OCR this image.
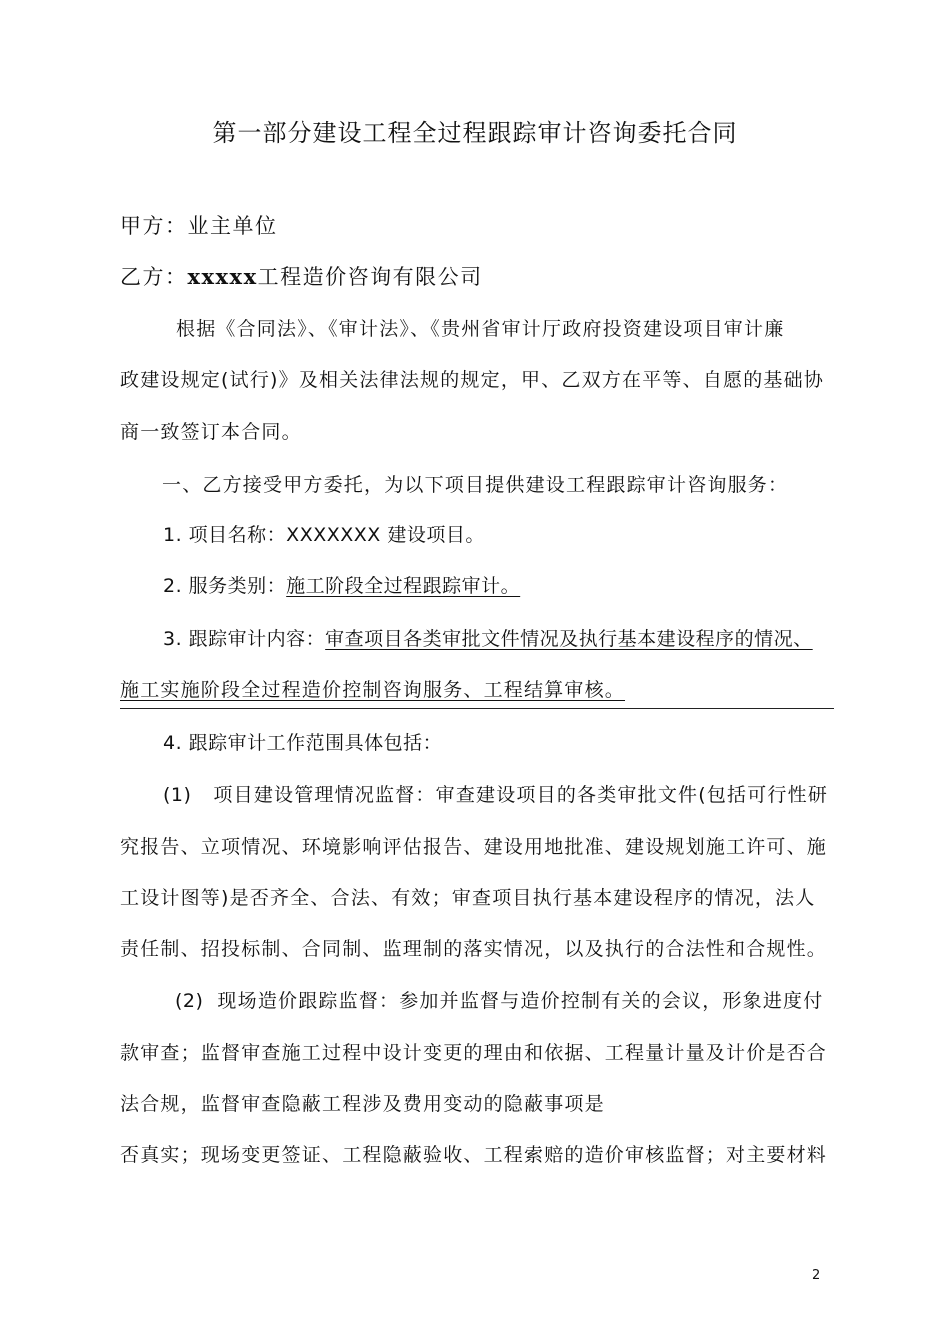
第一部分建设工程全过程跟踪审计咨询委托合同
甲方：业主单位
乙方：xxxxx工程造价咨询有限公司
根据《合同法》、《审计法》、《贵州省审计厅政府投资建设项目审计廉
政建设规定(试行)》及相关法律法规的规定，甲、乙双方在平等、自愿的基础协
商一致签订本合同。
一、乙方接受甲方委托，为以下项目提供建设工程跟踪审计咨询服务：
1. 项目名称：XXXXXXX 建设项目。
2. 服务类别：施工阶段全过程跟踪审计。
3. 跟踪审计内容：审查项目各类审批文件情况及执行基本建设程序的情况、
施工实施阶段全过程造价控制咨询服务、工程结算审核。
4. 跟踪审计工作范围具体包括：
(1) 项目建设管理情况监督：审查建设项目的各类审批文件(包括可行性研
究报告、立项情况、环境影响评估报告、建设用地批准、建设规划施工许可、施
工设计图等)是否齐全、合法、有效；审查项目执行基本建设程序的情况，法人
责任制、招投标制、合同制、监理制的落实情况，以及执行的合法性和合规性。
(2) 现场造价跟踪监督：参加并监督与造价控制有关的会议，形象进度付
款审查；监督审查施工过程中设计变更的理由和依据、工程量计量及计价是否合
法合规，监督审查隐蔽工程涉及费用变动的隐蔽事项是
否真实；现场变更签证、工程隐蔽验收、工程索赔的造价审核监督；对主要材料
2
